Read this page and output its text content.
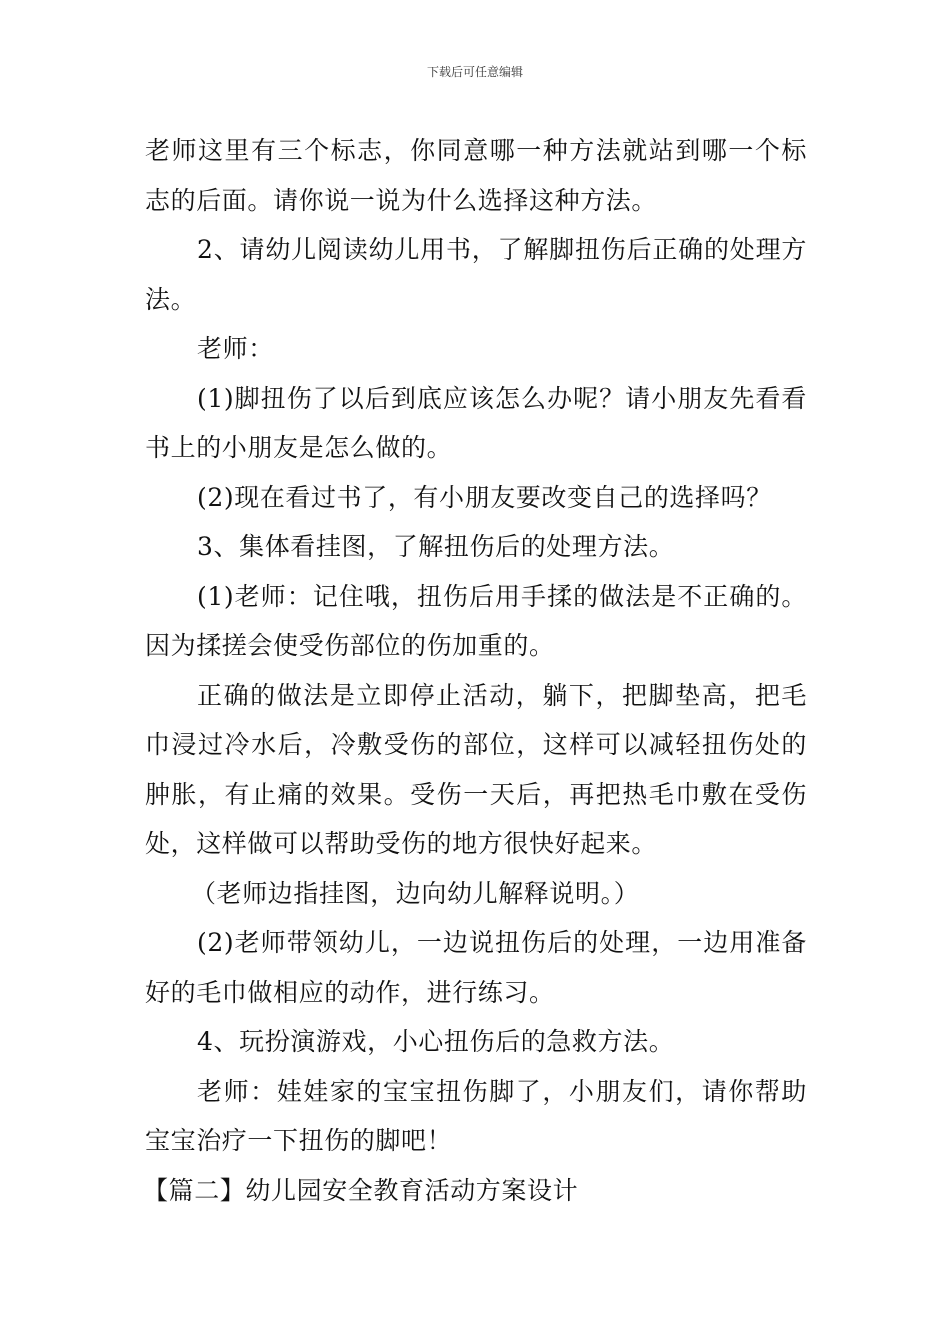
下载后可任意编辑

老师这里有三个标志，你同意哪一种方法就站到哪一个标志的后面。请你说一说为什么选择这种方法。

2、请幼儿阅读幼儿用书，了解脚扭伤后正确的处理方法。

老师：

(1)脚扭伤了以后到底应该怎么办呢？请小朋友先看看书上的小朋友是怎么做的。

(2)现在看过书了，有小朋友要改变自己的选择吗？

3、集体看挂图，了解扭伤后的处理方法。

(1)老师：记住哦，扭伤后用手揉的做法是不正确的。因为揉搓会使受伤部位的伤加重的。

正确的做法是立即停止活动，躺下，把脚垫高，把毛巾浸过冷水后，冷敷受伤的部位，这样可以减轻扭伤处的肿胀，有止痛的效果。受伤一天后，再把热毛巾敷在受伤处，这样做可以帮助受伤的地方很快好起来。

（老师边指挂图，边向幼儿解释说明。）

(2)老师带领幼儿，一边说扭伤后的处理，一边用准备好的毛巾做相应的动作，进行练习。

4、玩扮演游戏，小心扭伤后的急救方法。

老师：娃娃家的宝宝扭伤脚了，小朋友们，请你帮助宝宝治疗一下扭伤的脚吧！

【篇二】幼儿园安全教育活动方案设计
